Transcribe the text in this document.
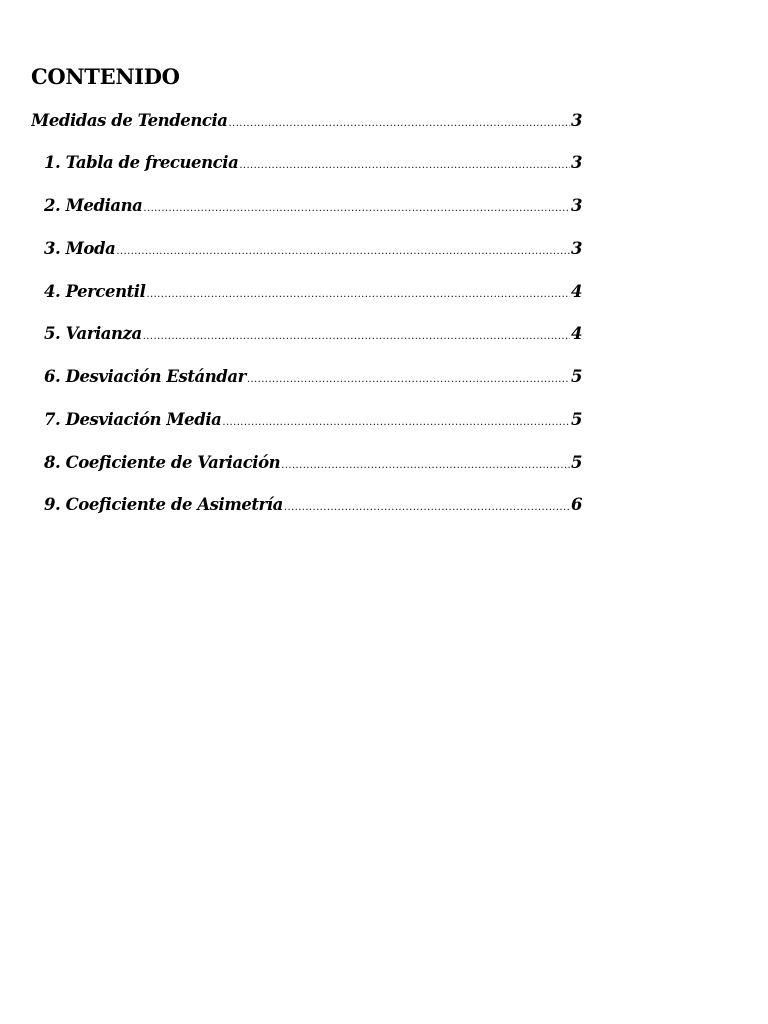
CONTENIDO
Medidas de Tendencia .....	3
1. Tabla de frecuencia .....	3
2. Mediana .....	3
3. Moda .....	3
4. Percentil .....	4
5. Varianza .....	4
6. Desviación Estándar .....	5
7. Desviación Media .....	5
8. Coeficiente de Variación .....	5
9. Coeficiente de Asimetría .....	6
